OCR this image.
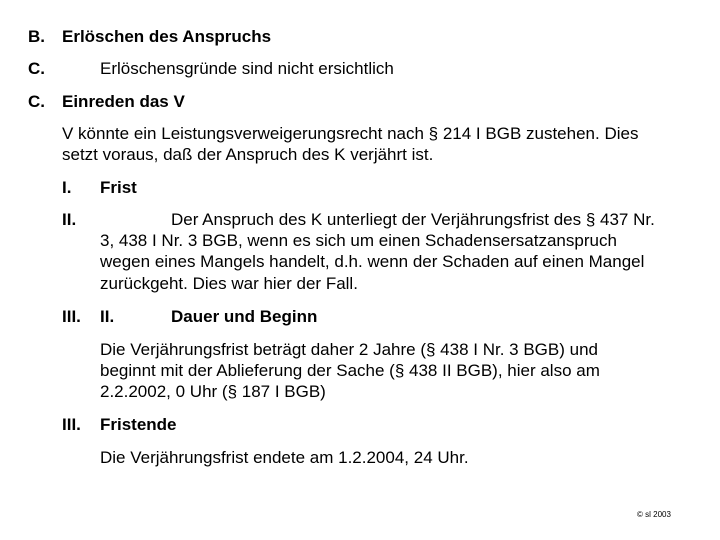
B. Erlöschen des Anspruchs
C.	Erlöschensgründe sind nicht ersichtlich
C. Einreden das V
V könnte ein Leistungsverweigerungsrecht nach § 214 I BGB zustehen. Dies
setzt voraus, daß der Anspruch des K verjährt ist.
I. Frist
II.	Der Anspruch des K unterliegt der Verjährungsfrist des § 437 Nr.
3, 438 I Nr. 3 BGB, wenn es sich um einen Schadensersatzanspruch
wegen eines Mangels handelt, d.h. wenn der Schaden auf einen Mangel
zurückgeht. Dies war hier der Fall.
III. II.	Dauer und Beginn
Die Verjährungsfrist beträgt daher 2 Jahre (§ 438 I Nr. 3 BGB) und
beginnt mit der Ablieferung der Sache (§ 438 II BGB), hier also am
2.2.2002, 0 Uhr (§ 187 I BGB)
III. Fristende
Die Verjährungsfrist endete am 1.2.2004, 24 Uhr.
© sl 2003
